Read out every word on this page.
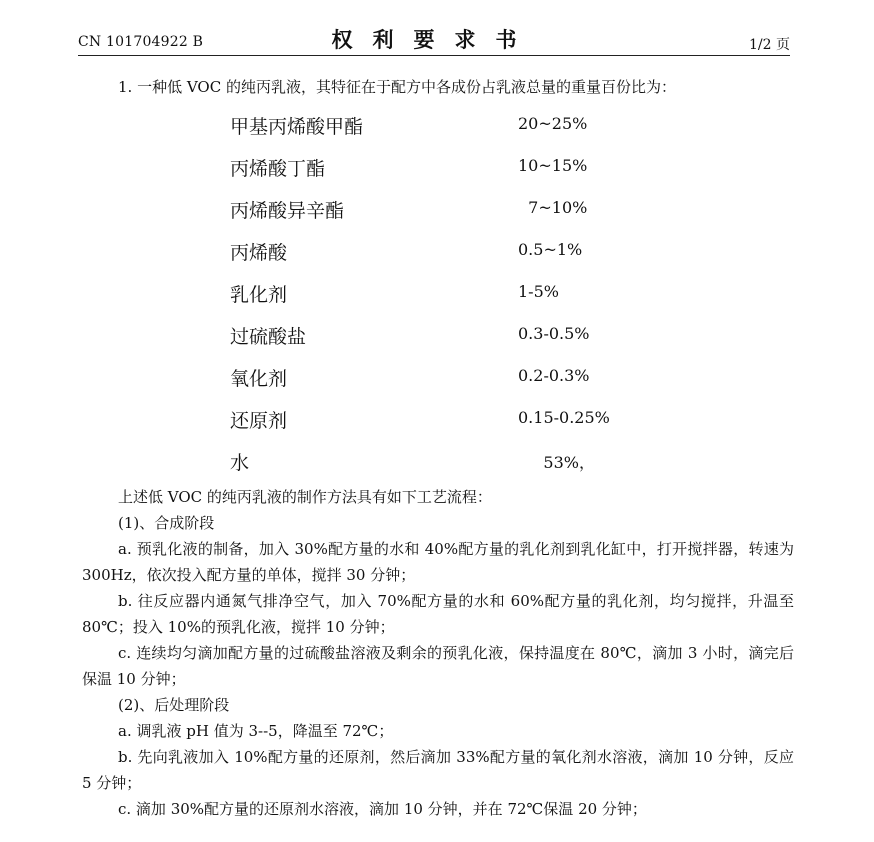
CN 101704922 B	权利要求书	1/2 页
1. 一种低 VOC 的纯丙乳液，其特征在于配方中各成份占乳液总量的重量百份比为：
甲基丙烯酸甲酯	20~25%
丙烯酸丁酯	10~15%
丙烯酸异辛酯	7~10%
丙烯酸	0.5~1%
乳化剂	1-5%
过硫酸盐	0.3-0.5%
氧化剂	0.2-0.3%
还原剂	0.15-0.25%
水	53%，

上述低 VOC 的纯丙乳液的制作方法具有如下工艺流程：

(1)、合成阶段

a. 预乳化液的制备，加入 30%配方量的水和 40%配方量的乳化剂到乳化缸中，打开搅拌器，转速为 300Hz，依次投入配方量的单体，搅拌 30 分钟；

b. 往反应器内通氮气排净空气，加入 70%配方量的水和 60%配方量的乳化剂，均匀搅拌，升温至 80℃；投入 10%的预乳化液，搅拌 10 分钟；

c. 连续均匀滴加配方量的过硫酸盐溶液及剩余的预乳化液，保持温度在 80℃，滴加 3 小时，滴完后保温 10 分钟；

(2)、后处理阶段

a. 调乳液 pH 值为 3--5，降温至 72℃；

b. 先向乳液加入 10%配方量的还原剂，然后滴加 33%配方量的氧化剂水溶液，滴加 10 分钟，反应 5 分钟；

c. 滴加 30%配方量的还原剂水溶液，滴加 10 分钟，并在 72℃保温 20 分钟；
